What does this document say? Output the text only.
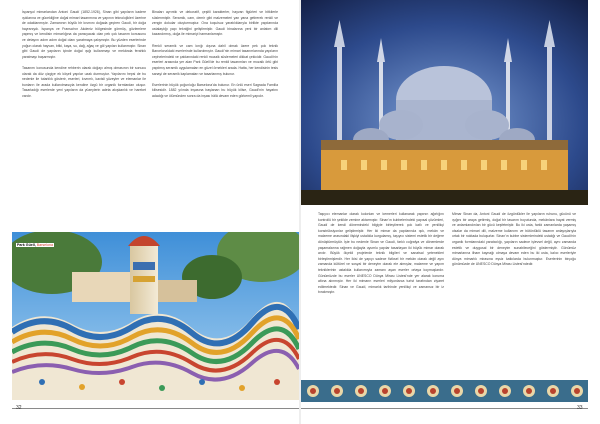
İspanyol mimarlarıdan Antoni Gaudí (1852-1926), Sinan gibi yapıların kadere ışıklarına ve gücekliğine doğal mimari tasarımına ve yapının teknolojikleri üzerine de odaklanmıştır. Zamanının büyük bir kısmını doğada geçiren Gaudí, bir doğa hayranıydı. İspanya ve Fransa'nın Akdeniz bölgesinde görmüş, gözlemlere yapmış ve kendisin mimarlığına da yansıyacak olan pek çok tasarım konusunu ve detayını adım adım doğal olanı yaratmaya çalışmıştır. Bu yüzden eserlerinde yoğun olarak hayvan, bitki, kaya, su, dağ, ağaç ve göl yapıları kullanmıştır. Sinan gibi Gaudí de yapıların içinde doğal ışığı kullanmayı ve mekânda ferahlık yaratmayı başarmıştır.

Tasarımı konusunda kendine rehberin olarak doğayı almış olmasının bir sonucu olarak da düz çizgiye ek köşeli yapılar uzak durmuştur. Yapılarını hepsi de bu nedenle ile tutarlılık gösterir, eserleri, kıvrımlı, kavisli yüzeyler ve elemanlar ile bunların ile arada kullanılmasıyla kendine özgü bir organik formlardan oluşur. Tasarladığı eserlerde yeni yapıların da yüzeylerin adeta akışkanlık ve hareket vardır.

Binaları ayrıntılı ve dekoratif, çeşitli karakterler, hayvan figürleri ve bitkilerle süslenmiştir. Seramik, cam, demir gibi malzemeleri yan yana getirerek renkli ve zengin dokular oluşturmuştur. Ona koşulsuz yaratılıklarıyla birlikte yapılarında ustalaştığı yapı tekniğini geliştirmiştir. Gaudí binalarına yeni bir anlatım dili kazandırmış, doğa ile mimariyi harmanlamıştır.

Renkli seramik ve cam kırığı dışına dahil olmak üzere pek çok teknik Barcelona'daki eserlerinde kullanılmıştır. Gaudí'nin mimari tasarımlarında yapıların cephelerindeki ve çatılarındaki renkli mozaik süslemeleri dikkat çekicidir. Gaudí'nin eserleri arasında yer alan Park Güell'de bu renkli tasarımları ve mozaik örtü gibi yapılmış seramik uygulamaları en güzel örnekleri arada. Hatta, her kendisinin tesis sanayi de seramik kaplamaları ve tasarlanmış bulunur.

Eserlerinin büyük çoğunluğu Barselona'da bulunur. En ünlü eseri Sagrada Familia kilisesidir. 1882 yılında inşasına başlanan bu büyük kilise, Gaudí'nin hayatını adadığı ve ölümünden sonra da inşası hâlâ devam eden görkemli yapıdır.

Park Güell, Barselona
32

Taşıyıcı elemanlar olarak kolonları ve kemerleri kullanarak yapının ağırlığını kontrollü bir şekilde zemine aktarmıştır. Sinan'ın kubbelerindeki yapısal çözümleri, Gaudí de kendi dönemindeki bilgiyle birleştirerek çok katlı ve yenilikçi konstrüksiyonlar geliştirmiştir. Her iki mimar da yapılarında ışık, mekân ve malzeme arasındaki ilişkiyi ustalıkla kurgulamış, taşıyıcı sistemi estetik bir değere dönüştürmüştür. İşte bu nedenle Sinan ve Gaudí, farklı coğrafya ve dönemlerde yaşamalarına rağmen doğayla uyumlu yapılar tasarlayan iki büyük mimar olarak anılır. Büyük ölçekli projelerde teknik bilgileri ve sanatsal yetenekleri birleştirmişlerdir. Her ikisi de yapıyı sadece fiziksel bir mekân olarak değil aynı zamanda kültürel ve sosyal bir deneyim olarak ele almışlar, malzeme ve yapım tekniklerinin ustalıkla kullanımıyla zamanı aşan eserler ortaya koymuşlardır. Günümüzde bu eserler UNESCO Dünya Mirası Listesi'nde yer alarak koruma altına alınmıştır. Her iki mimarın eserleri milyonlarca turist tarafından ziyaret edilmektedir. Sinan ve Gaudí, mimarlık tarihinde yenilikçi ve zamansız bir iz bırakmıştır.

Mimar Sinan da, Antoni Gaudí de özgünlükler ile yapıların ruhunu, gücünü ve ışığını bir araya getirmiş, doğal bir tasarım boyutunda, mekânlara hayat vermiş ve anlamlandırılan bir gücü keşfetmiştir. Bu iki usta, farklı zamanlarda yaşamış olsalar da mimari dili, malzeme kullanımı ve bütünlüklü tasarım anlayışlarıyla ortak bir noktada buluşurlar. Sinan'ın kubbe sistemlerindeki ustalığı ve Gaudí'nin organik formlarındaki yaratıcılığı, yapıların sadece işlevsel değil, aynı zamanda estetik ve duygusal bir deneyim sunabileceğini göstermiştir. Günümüz mimarlarına ilham kaynağı olmaya devam eden bu iki usta, kalıcı eserleriyle dünya mimarlık mirasına eşsiz katkılarda bulunmuştur. Eserlerinin birçoğu günümüzde de UNESCO Dünya Mirası Listesi'ndedir.

33
